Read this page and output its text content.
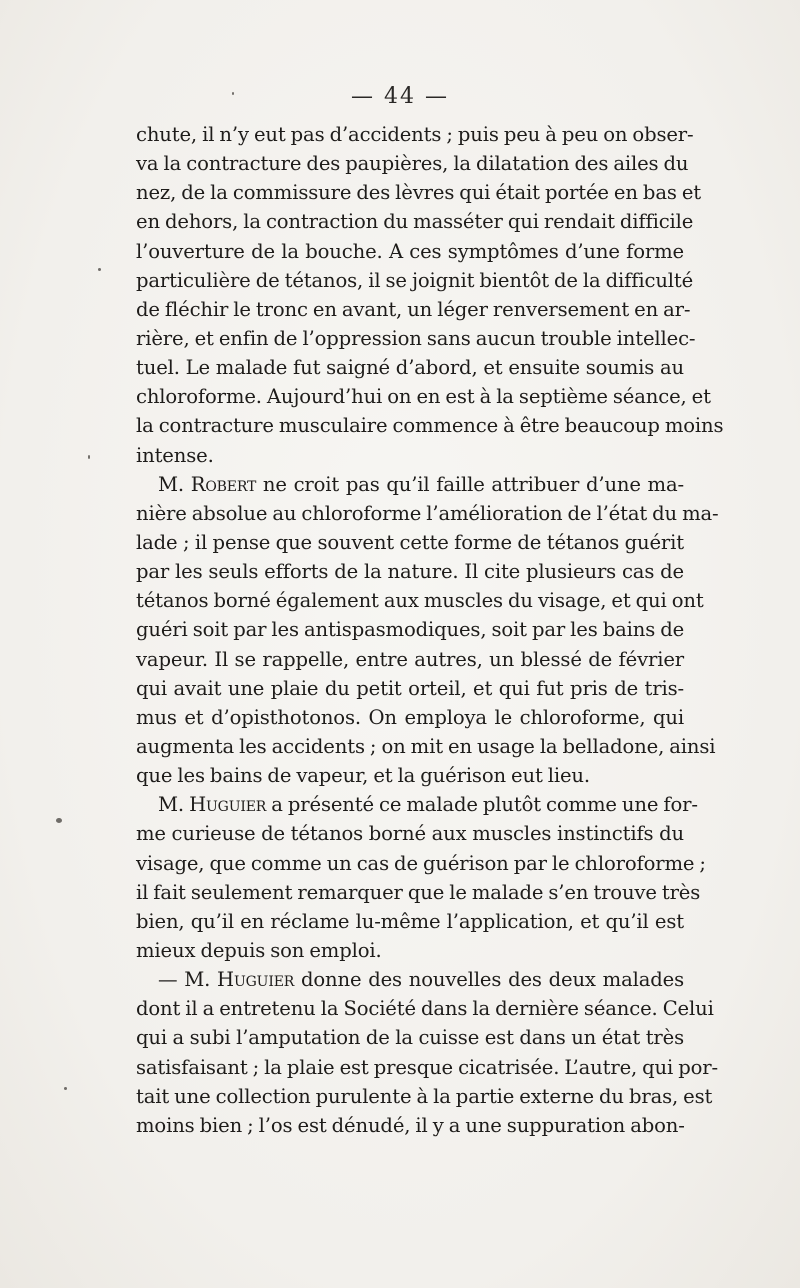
— 44 —
chute, il n’y eut pas d’accidents ; puis peu à peu on obser-
va la contracture des paupières, la dilatation des ailes du
nez, de la commissure des lèvres qui était portée en bas et
en dehors, la contraction du masséter qui rendait difficile
l’ouverture de la bouche. A ces symptômes d’une forme
particulière de tétanos, il se joignit bientôt de la difficulté
de fléchir le tronc en avant, un léger renversement en ar-
rière, et enfin de l’oppression sans aucun trouble intellec-
tuel. Le malade fut saigné d’abord, et ensuite soumis au
chloroforme. Aujourd’hui on en est à la septième séance, et
la contracture musculaire commence à être beaucoup moins
intense.
M. Robert ne croit pas qu’il faille attribuer d’une ma-
nière absolue au chloroforme l’amélioration de l’état du ma-
lade ; il pense que souvent cette forme de tétanos guérit
par les seuls efforts de la nature. Il cite plusieurs cas de
tétanos borné également aux muscles du visage, et qui ont
guéri soit par les antispasmodiques, soit par les bains de
vapeur. Il se rappelle, entre autres, un blessé de février
qui avait une plaie du petit orteil, et qui fut pris de tris-
mus et d’opisthotonos. On employa le chloroforme, qui
augmenta les accidents ; on mit en usage la belladone, ainsi
que les bains de vapeur, et la guérison eut lieu.
M. Huguier a présenté ce malade plutôt comme une for-
me curieuse de tétanos borné aux muscles instinctifs du
visage, que comme un cas de guérison par le chloroforme ;
il fait seulement remarquer que le malade s’en trouve très
bien, qu’il en réclame lu-même l’application, et qu’il est
mieux depuis son emploi.
— M. Huguier donne des nouvelles des deux malades
dont il a entretenu la Société dans la dernière séance. Celui
qui a subi l’amputation de la cuisse est dans un état très
satisfaisant ; la plaie est presque cicatrisée. L’autre, qui por-
tait une collection purulente à la partie externe du bras, est
moins bien ; l’os est dénudé, il y a une suppuration abon-
